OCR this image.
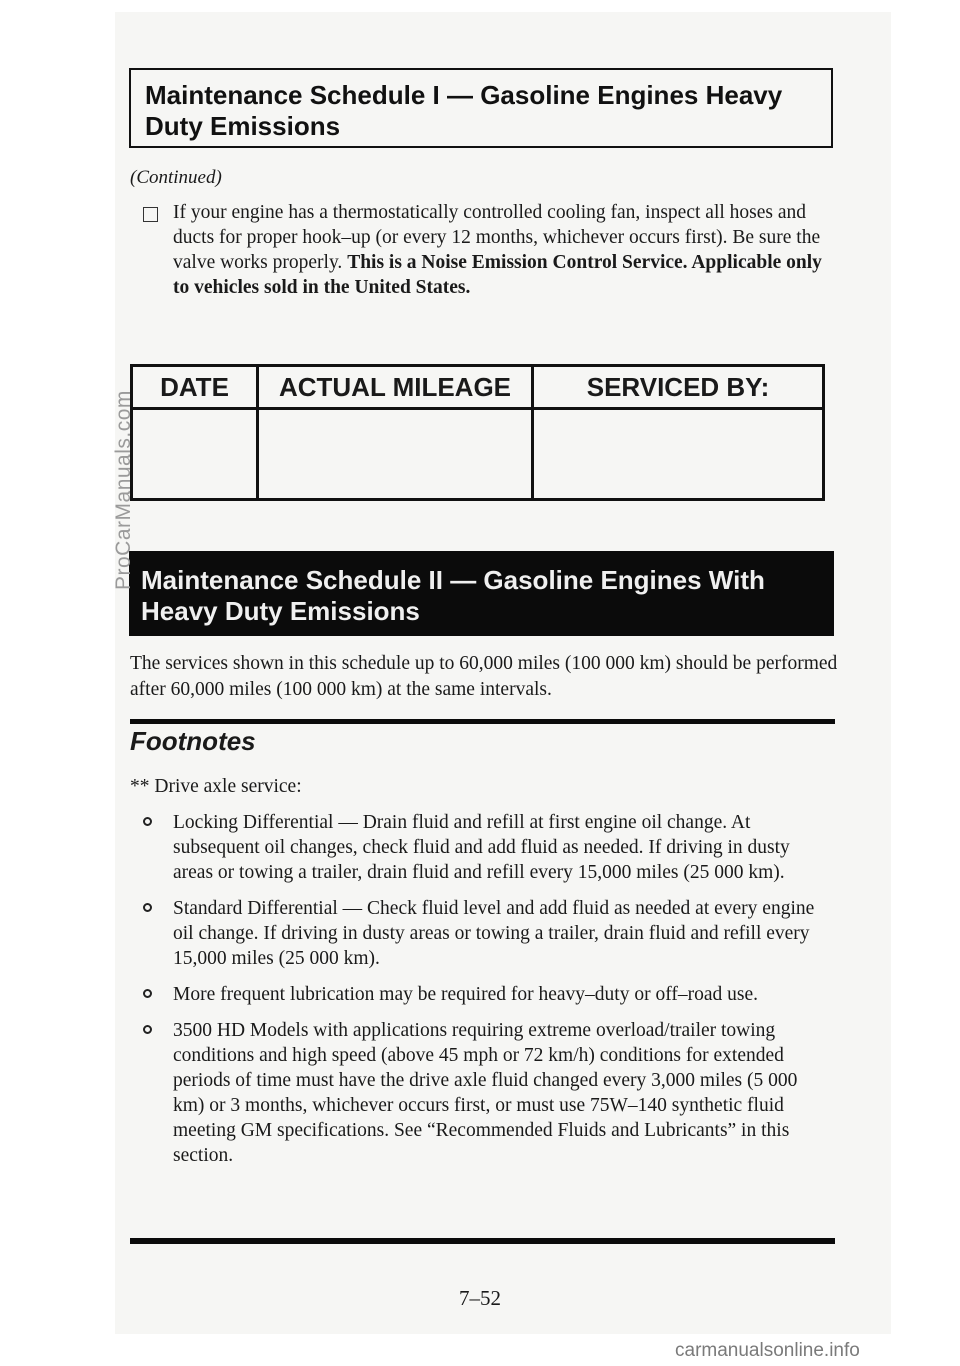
Maintenance Schedule I — Gasoline Engines Heavy Duty Emissions
(Continued)
If your engine has a thermostatically controlled cooling fan, inspect all hoses and ducts for proper hook–up (or every 12 months, whichever occurs first). Be sure the valve works properly. This is a Noise Emission Control Service. Applicable only to vehicles sold in the United States.
DATE	ACTUAL MILEAGE	SERVICED BY:

Maintenance Schedule II — Gasoline Engines With Heavy Duty Emissions
The services shown in this schedule up to 60,000 miles (100 000 km) should be performed after 60,000 miles (100 000 km) at the same intervals.
Footnotes
** Drive axle service:
Locking Differential — Drain fluid and refill at first engine oil change. At subsequent oil changes, check fluid and add fluid as needed. If driving in dusty areas or towing a trailer, drain fluid and refill every 15,000 miles (25 000 km).
Standard Differential — Check fluid level and add fluid as needed at every engine oil change. If driving in dusty areas or towing a trailer, drain fluid and refill every 15,000 miles (25 000 km).
More frequent lubrication may be required for heavy–duty or off–road use.
3500 HD Models with applications requiring extreme overload/trailer towing conditions and high speed (above 45 mph or 72 km/h) conditions for extended periods of time must have the drive axle fluid changed every 3,000 miles (5 000 km) or 3 months, whichever occurs first, or must use 75W–140 synthetic fluid meeting GM specifications. See “Recommended Fluids and Lubricants” in this section.
7–52
ProCarManuals.com
carmanualsonline.info
